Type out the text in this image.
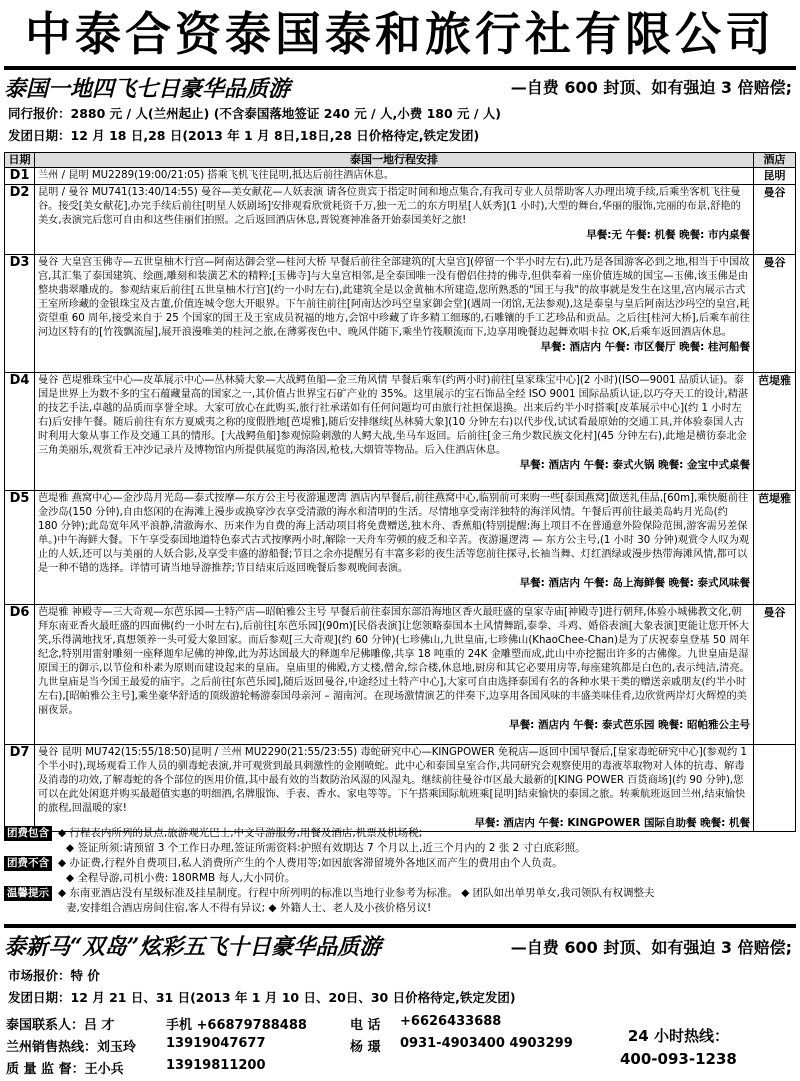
中泰合资泰国泰和旅行社有限公司
泰国一地四飞七日豪华品质游	—自费 600 封顶、如有强迫 3 倍赔偿;
同行报价：2880 元 / 人(兰州起止) (不含泰国落地签证 240 元 / 人,小费 180 元 / 人)
发团日期：12 月 18 日,28 日(2013 年 1 月 8日,18日,28 日价格待定,铁定发团)
日期	泰国一地行程安排	酒店
D1	兰州 / 昆明 MU2289(19:00/21:05) 搭乘飞机飞往昆明,抵达后前往酒店休息。	昆明
D2	昆明 / 曼谷 MU741(13:40/14:55) 曼谷—美女献花—人妖表演 请各位贵宾于指定时间和地点集合,有我司专业人员帮助客人办理出境手续,后乘坐客机飞往曼谷。接受[美女献花],办完手续后前往[明星人妖剧场]安排观看欣赏耗资千万,独一无二的东方明星[人妖秀](1 小时),大型的舞台,华丽的服饰,完丽的布景,舒艳的美女,表演完后您可自由和这些佳丽们拍照。之后返回酒店休息,晋锐赛神准备开始泰国美好之旅!
早餐:无 午餐: 机餐 晚餐: 市内桌餐	曼谷
D3	曼谷 大皇宫玉佛寺—五世皇柚木行宫—阿南达御会堂—桂河大桥 早餐后前往全部建筑的[大皇宫](停留一个半小时左右),此乃是各国游客必到之地,相当于中国故宫,其汇集了泰国建筑、绘画,雕刻和装潢艺术的精粹;[玉佛寺]与大皇宫相邻,是全泰国唯一没有僧侣住持的佛寺,但供奉着一座价值连城的国宝—玉佛,该玉佛是由整块翡翠雕成的。参观结束后前往[五世皇柚木行宫](约一小时左右),此建筑全是以金黄柚木所建造,您所熟悉的"国王与我"的故事就是发生在这里,宫内展示古式王室所珍藏的金银珠宝及古董,价值连城令您大开眼界。下午前往前往[阿南达沙玛空皇家御会堂](遇周一闭馆,无法参观),这是泰皇与皇后阿南达沙玛空的皇宫,耗资望重 60 周年,接受来自于 25 个国家的国王及王室成员祝福的地方,会馆中珍藏了许多精工细琢的,石雕镶的手工艺珍品和贡品。之后往[桂河大桥],后乘车前往河边区特有的[竹筏飘流屋],展开浪漫唯美的桂河之旅,在薄雾夜色中、晚风伴随下,乘坐竹筏顺流而下,边享用晚餐边起舞欢唱卡拉 OK,后乘车返回酒店休息。
早餐: 酒店内 午餐: 市区餐厅 晚餐: 桂河船餐	曼谷
D4	曼谷 芭堤雅珠宝中心—皮革展示中心—丛林骑大象—大战鳄鱼船—金三角风情 早餐后乘车(约两小时)前往[皇家珠宝中心](2 小时)(ISO—9001 品质认证)。泰国是世界上为数不多的宝石蕴藏量高的国家之一,其价值占世界宝石矿产业的 35%。这里展示的宝石饰品全经 ISO 9001 国际品质认证,以巧夺天工的设计,精湛的技艺手法,卓越的品质而享誉全球。大家可放心在此购买,旅行社承诺如有任何问题均可由旅行社担保退换。出来后约半小时搭乘[皮革展示中心](约 1 小时左右)后安排午餐。随后前往有东方夏威夷之称的度假胜地[芭堤雅],随后安排继续[丛林骑大象](10 分钟左右)以代步伐,试试看最原始的交通工具,并体验泰国人古时利用大象从事工作及交通工具的情形。[大战鳄鱼船]参观惊险刺激的人鳄大战,坐马车返回。后前往[金三角少数民族文化村](45 分钟左右),此地是横彷泰北金三角美丽乐,观赏看王冲沙记录片及博物馆内所提供展览的海洛因,枪枝,大烟管等物品。后入住酒店休息。
早餐: 酒店内 午餐: 泰式火锅 晚餐: 金宝中式桌餐	芭堤雅
D5	芭堤雅 燕窝中心—金沙岛月光岛—泰式按摩—东方公主号夜游暹逻湾 酒店内早餐后,前往燕窝中心,临别前可来购一些[泰国燕窝]做送礼佳品,[60m],乘快艇前往金沙岛(150 分钟),自由悠闲的在海滩上漫步或换穿沙衣享受清澈的海水和清明的生活。尽情地享受南洋独特的海洋风情。午餐后再前往最美岛屿月光岛(约 180 分钟);此岛宽年风平浪静,清澈海水、历来作为自费的海上活动项目将免费赠送,独木舟、香蕉船(特别提醒:海上项目不在普通意外险保险范围,游客需另差保单。)中午海鲜大餐。下午享受泰国地道特色泰式古式按摩两小时,解除一天舟车劳顿的疲乏和辛苦。夜游暹逻湾 — 东方公主号,(1 小时 30 分钟)观赏令人叹为观止的人妖,还可以与美丽的人妖合影,及享受丰盛的游船餐;节目之余亦提醒另有丰富多彩的夜生活等您前往探寻,长袖当舞、灯红酒绿或漫步热带海滩风情,都可以是一种不错的选择。详情可请当地导游推荐;节目结束后返回晚餐后参观晚间表演。
早餐: 酒店内 午餐: 岛上海鲜餐 晚餐: 泰式风味餐	芭堤雅
D6	芭堤雅 神殿寺—三大奇观—东芭乐园—土特产店—昭帕雅公主号 早餐后前往泰国东部沿海地区香火最旺盛的皇家寺庙[神殿寺]进行朝拜,体验小城佛教文化,朝拜东南亚香火最旺盛的四面佛(约一小时左右),后前往[东芭乐园](90m)[民俗表演]让您领略泰国本土风情舞蹈,泰拳、斗鸡、婚俗表演[大象表演]更能让您开怀大笑,乐得满地找牙,真想领养一头可爱大象回家。而后参观[三大奇观](约 60 分钟)(七珍佛山,九世皇庙,七珍佛山(KhaoChee-Chan)是为了庆祝泰皇登基 50 周年纪念,特别用雷射雕刻一座释迦牟尼佛的神像,此为苏达国最大的释迦牟尼佛雕像,共享 18 吨重的 24K 金雕塑而成,此山中亦挖掘出许多的古佛像。九世皇庙是湿原国王的御示,以节俭和朴素为原则而建设起来的皇庙。皇庙里的佛殿,方丈楼,僧舍,综合楼,休息地,厨房和其它必要用房等,每座建筑都是白色的,表示纯洁,清亮。九世皇庙是当今国王最爱的庙宇。之后前往[东芭乐园],随后返回曼谷,中途经过土特产中心],大家可自由选择泰国有名的各种水果干类的赠送亲戚朋友(约半小时左右),[昭帕雅公主号],乘坐豪华舒适的顶级游轮畅游泰国母亲河 – 湄南河。在现场激情演艺的伴奏下,边享用各国风味的丰盛美味佳肴,边欣赏两岸灯火辉煌的美丽夜景。
早餐: 酒店内 午餐: 泰式芭乐园 晚餐: 昭帕雅公主号	曼谷
D7	曼谷 昆明 MU742(15:55/18:50)昆明 / 兰州 MU2290(21:55/23:55) 毒蛇研究中心—KINGPOWER 免税店—返回中国早餐后,[皇家毒蛇研究中心](参观约 1 个半小时),现场观看工作人员的驯毒蛇表演,并可观赏到最具刺激性的金刚喷蛇。此中心和泰国皇室合作,共同研究会观察使用的毒液萃取物对人体的抗毒、解毒及消毒的功效,了解毒蛇的各个部位的医用价值,其中最有效的当数防治风湿的风湿丸。继续前往曼谷市区最大最新的[KING POWER 百货商场](约 90 分钟),您可以在此处闲逛并购买最超值实惠的明细酒,名牌服饰、手表、香水、家电等等。下午搭乘国际航班乘[昆明]结束愉快的泰国之旅。转乘航班返回兰州,结束愉快的旅程,回温暖的家!
早餐: 酒店内 午餐: KINGPOWER 国际自助餐 晚餐: 机餐	

团费包含 ◆ 行程表内所列的景点,旅游观光巴士,中文导游服务,用餐及酒店,机票及机场税;
◆ 签证所须:请预留 3 个工作日办理,签证所需资料:护照有效期达 7 个月以上,近三个月内的 2 张 2 寸白底彩照。
团费不含 ◆ 办证费,行程外自费项目,私人消费所产生的个人费用等;如因旅客滞留境外各地区而产生的费用由个人负责。
◆ 全程导游,司机小费: 180RMB 每人,大小同价。
温馨提示 ◆ 东南亚酒店没有星级标准及挂星制度。行程中所列明的标准以当地行业参考为标准。 ◆ 团队如出单男单女,我司领队有权调整夫
妻,安排组合酒店房间住宿,客人不得有异议; ◆ 外籍人士、老人及小孩价格另议!
泰新马“双岛”炫彩五飞十日豪华品质游	—自费 600 封顶、如有强迫 3 倍赔偿;
市场报价：特 价
发团日期：12 月 21 日、31 日(2013 年 1 月 10 日、20日、30 日价格待定,铁定发团)
泰国联系人：吕 才	手机 +66879788488	电 话 +6626433688
兰州销售热线：刘玉玲 13919047677	杨 璟 0931-4903400 4903299
质 量 监 督：王小兵	13919811200
24 小时热线：
400-093-1238
